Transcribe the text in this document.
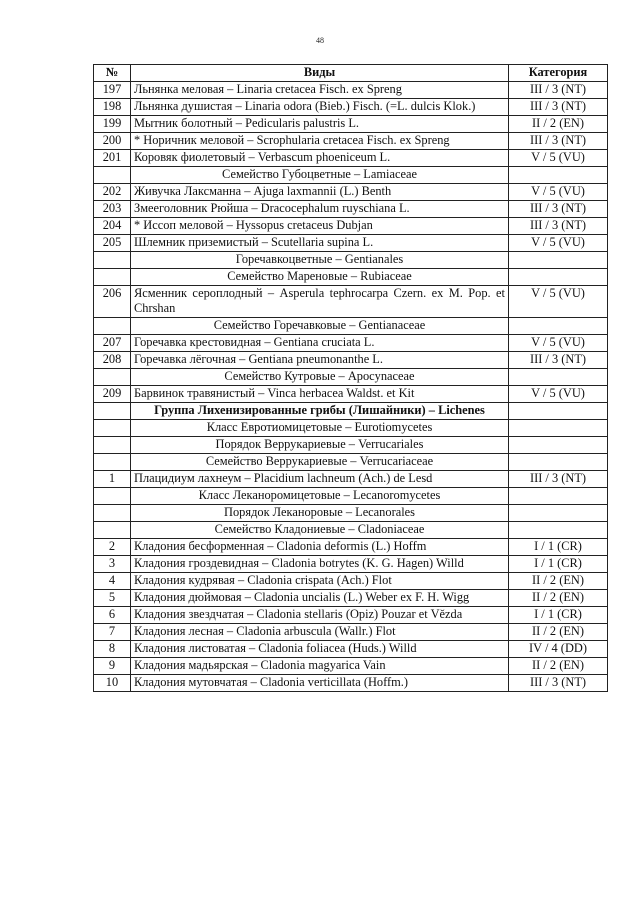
48
№	Виды	Категория
197	Льнянка меловая – Linaria cretacea Fisch. ex Spreng	III / 3 (NT)
198	Льнянка душистая – Linaria odora (Bieb.) Fisch. (=L. dulcis Klok.)	III / 3 (NT)
199	Мытник болотный – Pedicularis palustris L.	II / 2 (EN)
200	* Норичник меловой – Scrophularia cretacea Fisch. ex Spreng	III / 3 (NT)
201	Коровяк фиолетовый – Verbascum phoeniceum L.	V / 5 (VU)
	Семейство Губоцветные – Lamiaceae	
202	Живучка Лаксманна – Ajuga laxmannii (L.) Benth	V / 5 (VU)
203	Змееголовник Рюйша – Dracocephalum ruyschiana L.	III / 3 (NT)
204	* Иссоп меловой – Hyssopus cretaceus Dubjan	III / 3 (NT)
205	Шлемник приземистый – Scutellaria supina L.	V / 5 (VU)
	Горечавкоцветные – Gentianales	
	Семейство Мареновые – Rubiaceae	
206	Ясменник сероплодный – Asperula tephrocarpa Czern. ex M. Pop. et Chrshan	V / 5 (VU)
	Семейство Горечавковые – Gentianaceae	
207	Горечавка крестовидная – Gentiana cruciata L.	V / 5 (VU)
208	Горечавка лёгочная – Gentiana pneumonanthe L.	III / 3 (NT)
	Семейство Кутровые – Apocynaceae	
209	Барвинок травянистый – Vinca herbacea Waldst. et Kit	V / 5 (VU)
	Группа Лихенизированные грибы (Лишайники) – Lichenes	
	Класс Евротиомицетовые – Eurotiomycetes	
	Порядок Веррукариевые – Verrucariales	
	Семейство Веррукариевые – Verrucariaceae	
1	Плацидиум лахнеум – Placidium lachneum (Ach.) de Lesd	III / 3 (NT)
	Класс Леканоромицетовые – Lecanoromycetes	
	Порядок Леканоровые – Lecanorales	
	Семейство Кладониевые – Cladoniaceae	
2	Кладония бесформенная – Cladonia deformis (L.) Hoffm	I / 1 (CR)
3	Кладония гроздевидная – Cladonia botrytes (K. G. Hagen) Willd	I / 1 (CR)
4	Кладония кудрявая – Cladonia crispata (Ach.) Flot	II / 2 (EN)
5	Кладония дюймовая – Cladonia uncialis (L.) Weber ex F. H. Wigg	II / 2 (EN)
6	Кладония звездчатая – Cladonia stellaris (Opiz) Pouzar et Vězda	I / 1 (CR)
7	Кладония лесная – Cladonia arbuscula (Wallr.) Flot	II / 2 (EN)
8	Кладония листоватая – Cladonia foliacea (Huds.) Willd	IV / 4 (DD)
9	Кладония мадьярская – Cladonia magyarica Vain	II / 2 (EN)
10	Кладония мутовчатая – Cladonia verticillata (Hoffm.)	III / 3 (NT)
